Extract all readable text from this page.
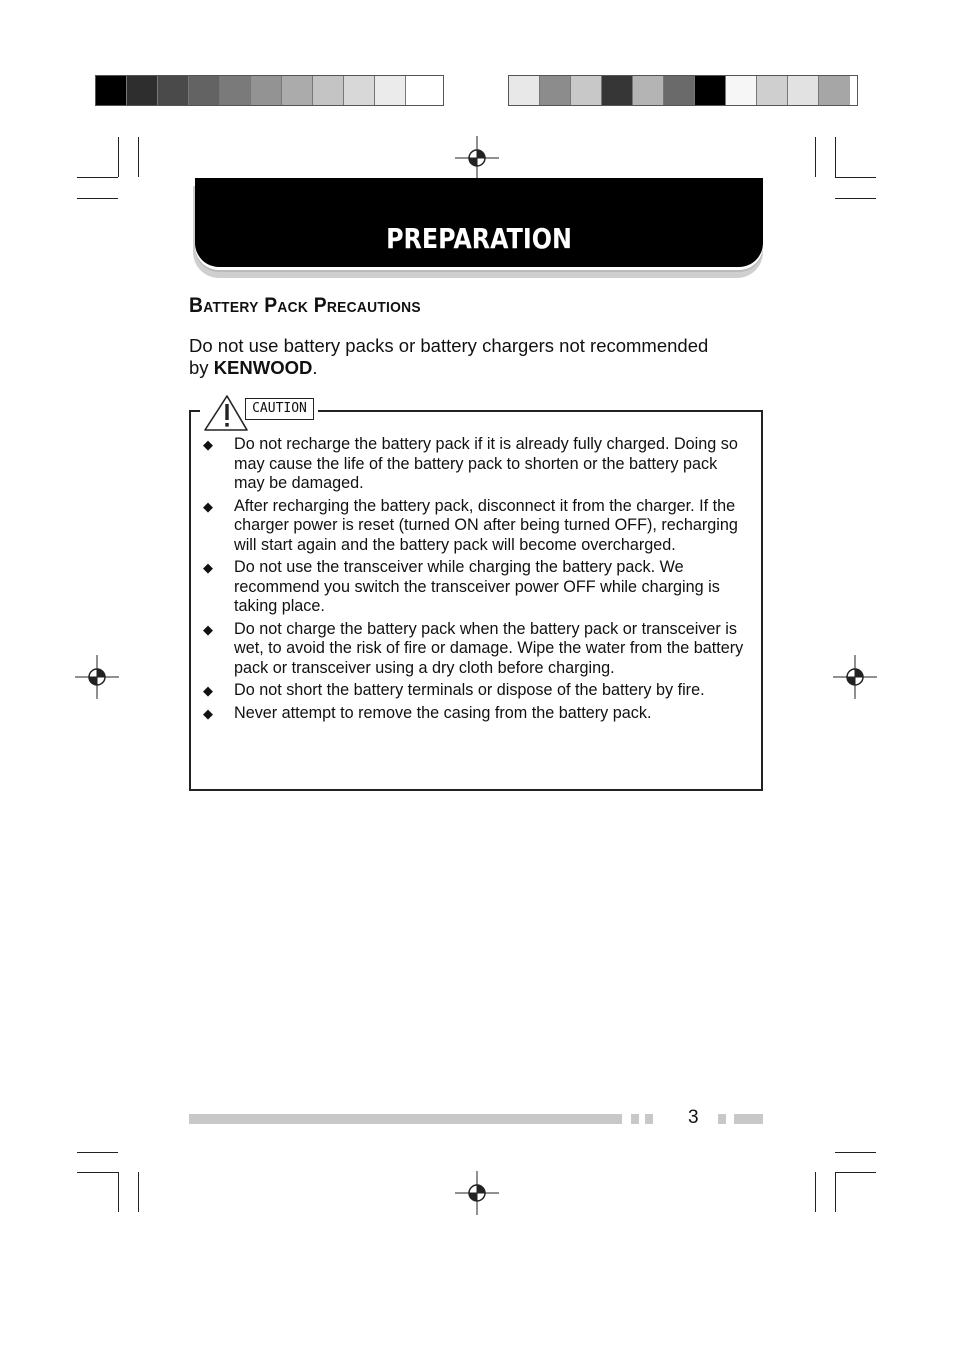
PREPARATION
Battery Pack Precautions
Do not use battery packs or battery chargers not recommended by KENWOOD.
CAUTION
◆ Do not recharge the battery pack if it is already fully charged. Doing so may cause the life of the battery pack to shorten or the battery pack may be damaged.
◆ After recharging the battery pack, disconnect it from the charger. If the charger power is reset (turned ON after being turned OFF), recharging will start again and the battery pack will become overcharged.
◆ Do not use the transceiver while charging the battery pack. We recommend you switch the transceiver power OFF while charging is taking place.
◆ Do not charge the battery pack when the battery pack or transceiver is wet, to avoid the risk of fire or damage. Wipe the water from the battery pack or transceiver using a dry cloth before charging.
◆ Do not short the battery terminals or dispose of the battery by fire.
◆ Never attempt to remove the casing from the battery pack.
3
